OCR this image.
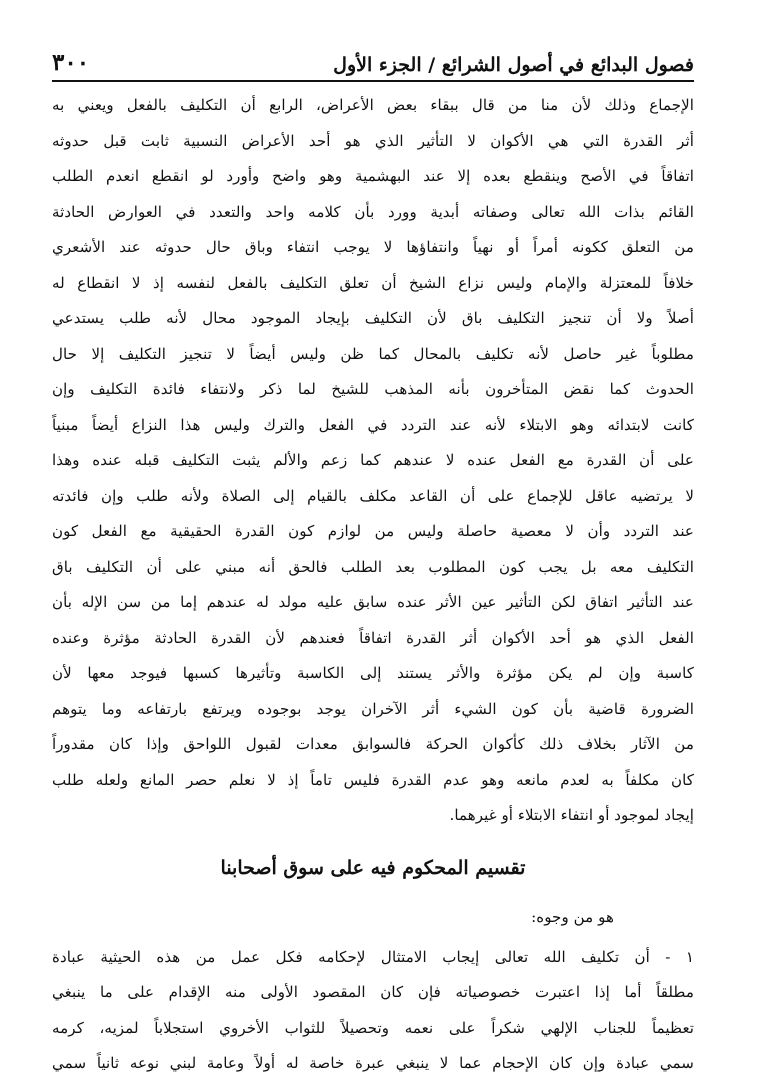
فصول البدائع في أصول الشرائع / الجزء الأول
٣٠٠
الإجماع وذلك لأن منا من قال ببقاء بعض الأعراض، الرابع أن التكليف بالفعل ويعني به
أثر القدرة التي هي الأكوان لا التأثير الذي هو أحد الأعراض النسبية ثابت قبل حدوثه
اتفاقاً في الأصح وينقطع بعده إلا عند البهشمية وهو واضح وأورد لو انقطع انعدم الطلب
القائم بذات الله تعالى وصفاته أبدية وورد بأن كلامه واحد والتعدد في العوارض الحادثة
من التعلق ككونه أمراً أو نهياً وانتفاؤها لا يوجب انتفاء وباق حال حدوثه عند الأشعري
خلافاً للمعتزلة والإمام وليس نزاع الشيخ أن تعلق التكليف بالفعل لنفسه إذ لا انقطاع له
أصلاً ولا أن تنجيز التكليف باق لأن التكليف بإيجاد الموجود محال لأنه طلب يستدعي
مطلوباً غير حاصل لأنه تكليف بالمحال كما ظن وليس أيضاً لا تنجيز التكليف إلا حال
الحدوث كما نقض المتأخرون بأنه المذهب للشيخ لما ذكر ولانتفاء فائدة التكليف وإن
كانت لابتدائه وهو الابتلاء لأنه عند التردد في الفعل والترك وليس هذا النزاع أيضاً مبنياً
على أن القدرة مع الفعل عنده لا عندهم كما زعم والألم يثبت التكليف قبله عنده وهذا
لا يرتضيه عاقل للإجماع على أن القاعد مكلف بالقيام إلى الصلاة ولأنه طلب وإن فائدته
عند التردد وأن لا معصية حاصلة وليس من لوازم كون القدرة الحقيقية مع الفعل كون
التكليف معه بل يجب كون المطلوب بعد الطلب فالحق أنه مبني على أن التكليف باق
عند التأثير اتفاق لكن التأثير عين الأثر عنده سابق عليه مولد له عندهم إما من سن الإله بأن
الفعل الذي هو أحد الأكوان أثر القدرة اتفاقاً فعندهم لأن القدرة الحادثة مؤثرة وعنده
كاسبة وإن لم يكن مؤثرة والأثر يستند إلى الكاسبة وتأثيرها كسبها فيوجد معها لأن
الضرورة قاضية بأن كون الشيء أثر الآخران يوجد بوجوده ويرتفع بارتفاعه وما يتوهم
من الآثار بخلاف ذلك كأكوان الحركة فالسوابق معدات لقبول اللواحق وإذا كان مقدوراً
كان مكلفاً به لعدم مانعه وهو عدم القدرة فليس تاماً إذ لا نعلم حصر المانع ولعله طلب
إيجاد لموجود أو انتفاء الابتلاء أو غيرهما.
تقسيم المحكوم فيه على سوق أصحابنا
هو من وجوه:
١ - أن تكليف الله تعالى إيجاب الامتثال لإحكامه فكل عمل من هذه الحيثية عبادة
مطلقاً أما إذا اعتبرت خصوصياته فإن كان المقصود الأولى منه الإقدام على ما ينبغي
تعظيماً للجناب الإلهي شكراً على نعمه وتحصيلاً للثواب الأخروي استجلاباً لمزيه، كرمه
سمي عبادة وإن كان الإحجام عما لا ينبغي عبرة خاصة له أولاً وعامة لبني نوعه ثانياً سمي
